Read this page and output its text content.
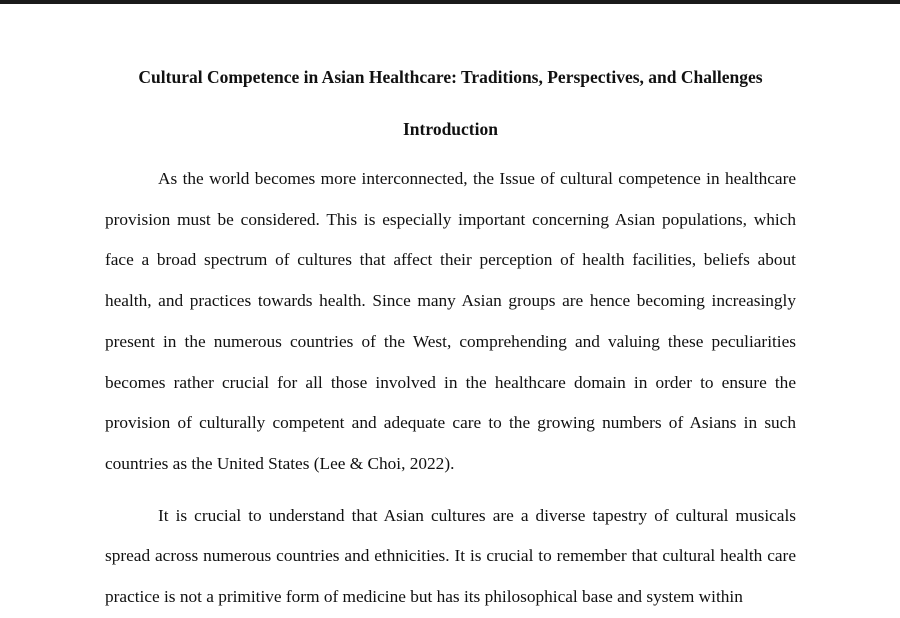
Cultural Competence in Asian Healthcare: Traditions, Perspectives, and Challenges
Introduction

As the world becomes more interconnected, the Issue of cultural competence in healthcare provision must be considered. This is especially important concerning Asian populations, which face a broad spectrum of cultures that affect their perception of health facilities, beliefs about health, and practices towards health. Since many Asian groups are hence becoming increasingly present in the numerous countries of the West, comprehending and valuing these peculiarities becomes rather crucial for all those involved in the healthcare domain in order to ensure the provision of culturally competent and adequate care to the growing numbers of Asians in such countries as the United States (Lee & Choi, 2022).

It is crucial to understand that Asian cultures are a diverse tapestry of cultural musicals spread across numerous countries and ethnicities. It is crucial to remember that cultural health care practice is not a primitive form of medicine but has its philosophical base and system within
